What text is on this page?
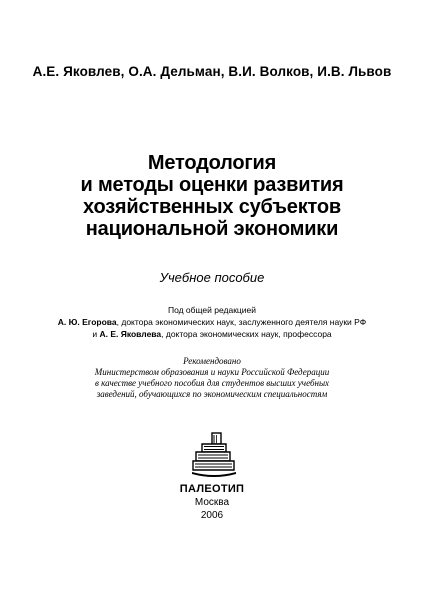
А.Е. Яковлев, О.А. Дельман, В.И. Волков, И.В. Львов
Методология
и методы оценки развития
хозяйственных субъектов
национальной экономики
Учебное пособие
Под общей редакцией
А. Ю. Егорова, доктора экономических наук, заслуженного деятеля науки РФ
и А. Е. Яковлева, доктора экономических наук, профессора
Рекомендовано
Министерством образования и науки Российской Федерации
в качестве учебного пособия для студентов высших учебных
заведений, обучающихся по экономическим специальностям
ПАЛЕОТИП
Москва
2006
